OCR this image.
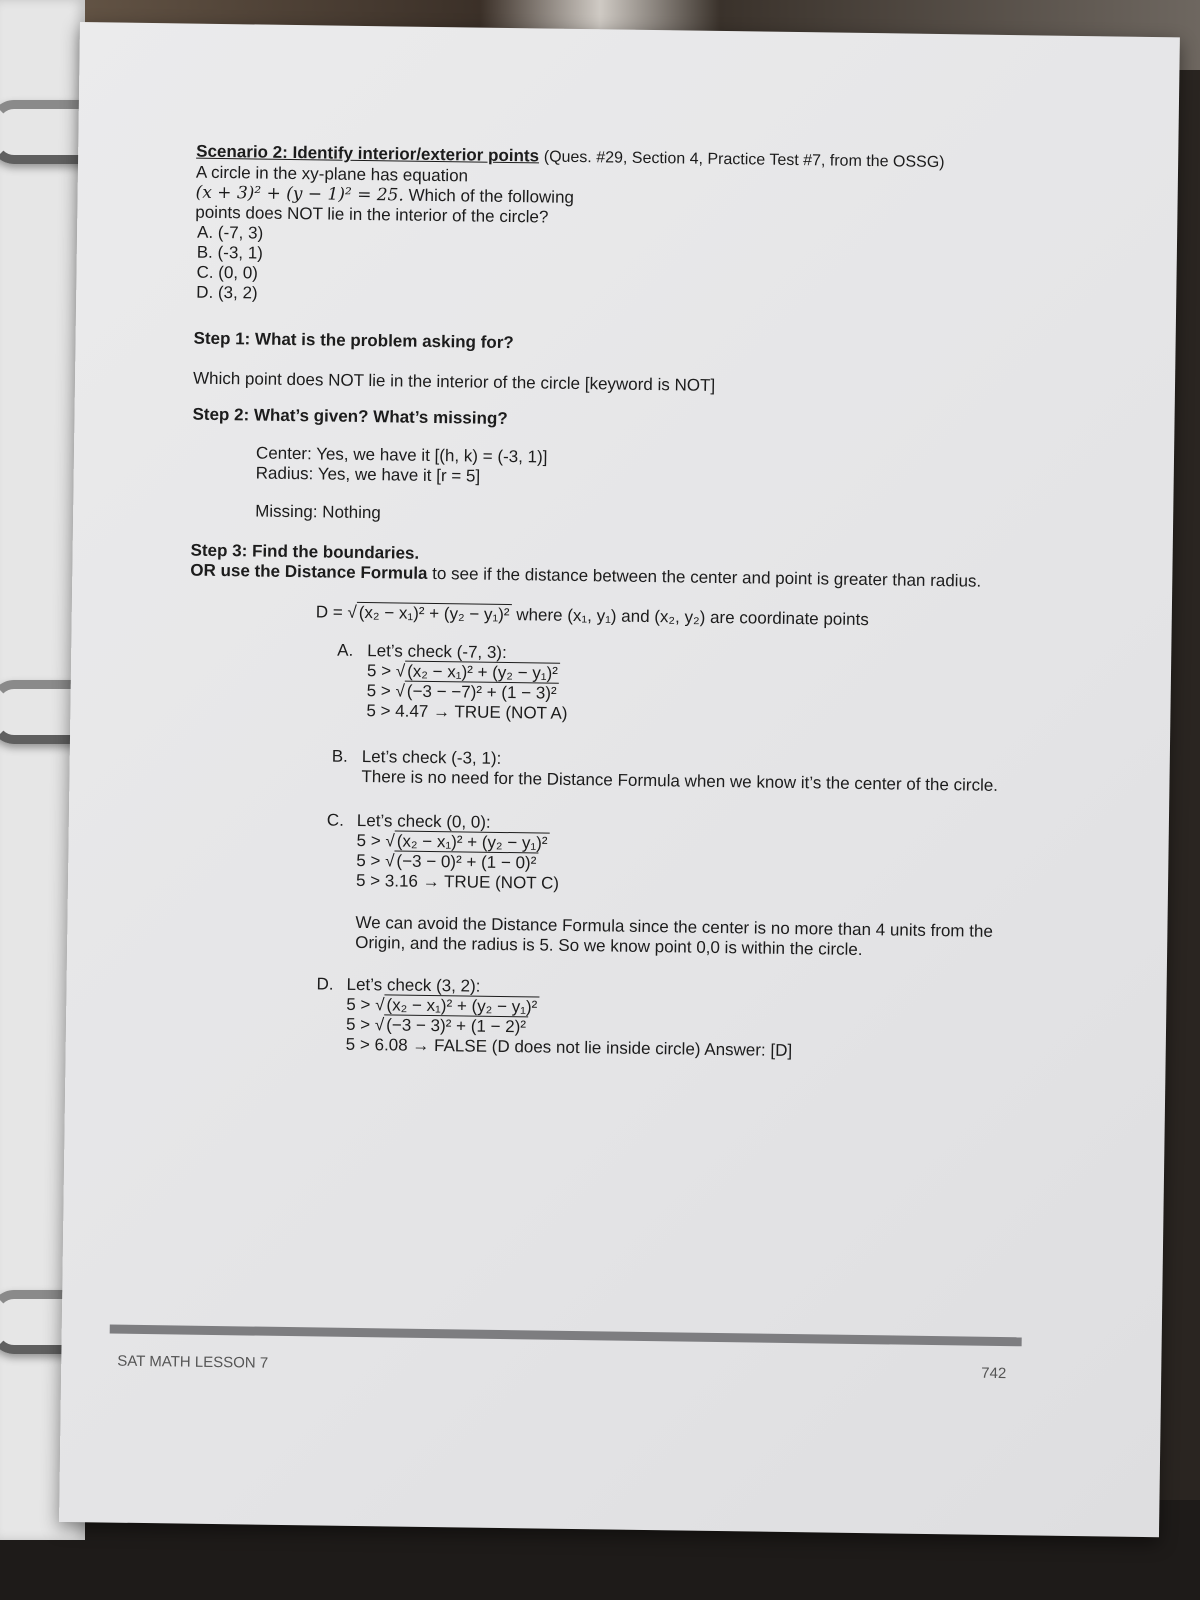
Scenario 2: Identify interior/exterior points (Ques. #29, Section 4, Practice Test #7, from the OSSG)

A circle in the xy-plane has equation

(x + 3)² + (y − 1)² = 25. Which of the following

points does NOT lie in the interior of the circle?

A. (-7, 3)
B. (-3, 1)
C. (0, 0)
D. (3, 2)
Step 1: What is the problem asking for?

Which point does NOT lie in the interior of the circle [keyword is NOT]

Step 2: What’s given? What’s missing?

Center: Yes, we have it [(h, k) = (-3, 1)]

Radius: Yes, we have it [r = 5]

Missing: Nothing

Step 3: Find the boundaries.

OR use the Distance Formula to see if the distance between the center and point is greater than radius.

D = √ (x₂ − x₁)² + (y₂ − y₁)² where (x₁, y₁) and (x₂, y₂) are coordinate points

A. Let’s check (-7, 3):

5 > √ (x₂ − x₁)² + (y₂ − y₁)²

5 > √ (−3 − −7)² + (1 − 3)²

5 > 4.47 → TRUE (NOT A)

B. Let’s check (-3, 1):

There is no need for the Distance Formula when we know it’s the center of the circle.

C. Let’s check (0, 0):

5 > √ (x₂ − x₁)² + (y₂ − y₁)²

5 > √ (−3 − 0)² + (1 − 0)²

5 > 3.16 → TRUE (NOT C)

We can avoid the Distance Formula since the center is no more than 4 units from the Origin, and the radius is 5. So we know point 0,0 is within the circle.

D. Let’s check (3, 2):

5 > √ (x₂ − x₁)² + (y₂ − y₁)²

5 > √ (−3 − 3)² + (1 − 2)²

5 > 6.08 → FALSE (D does not lie inside circle) Answer: [D]

SAT MATH LESSON 7
742
